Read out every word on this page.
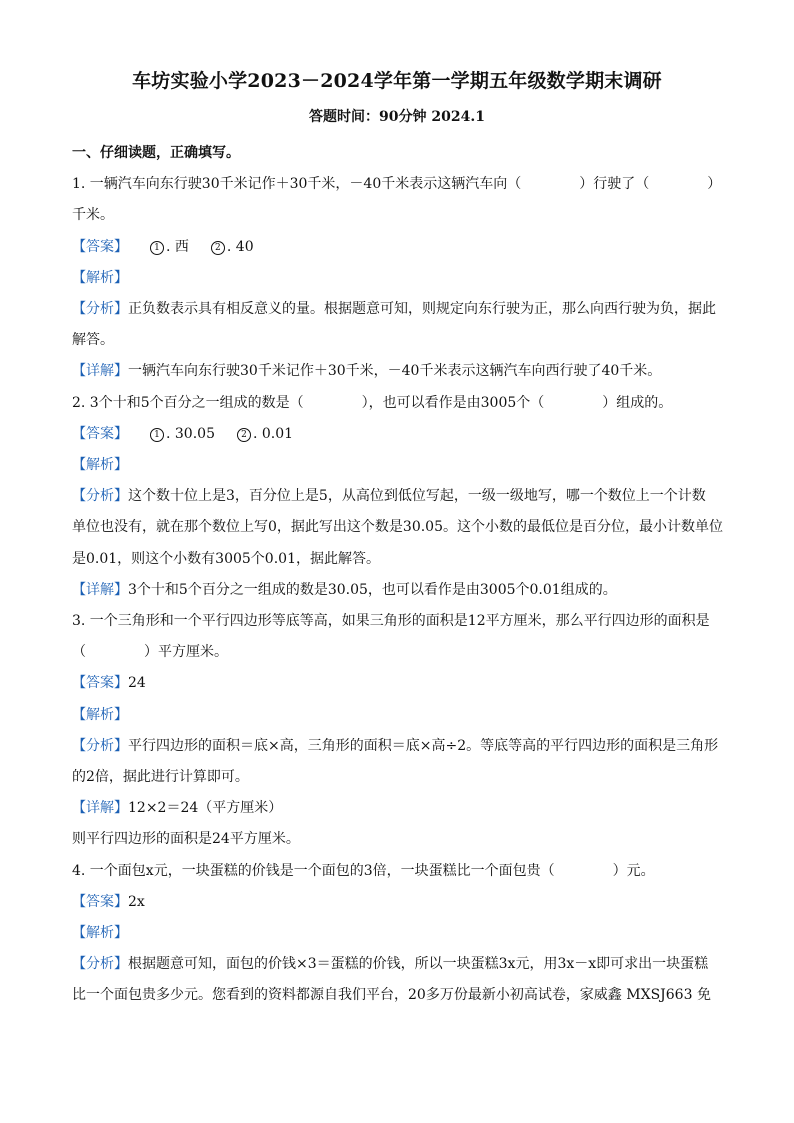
车坊实验小学2023－2024学年第一学期五年级数学期末调研
答题时间：90分钟 2024.1
一、仔细读题，正确填写。
1. 一辆汽车向东行驶30千米记作＋30千米，－40千米表示这辆汽车向（	）行驶了（	）
千米。
【答案】	1 . 西	2 . 40
【解析】
【分析】正负数表示具有相反意义的量。根据题意可知，则规定向东行驶为正，那么向西行驶为负，据此
解答。
【详解】一辆汽车向东行驶30千米记作＋30千米，－40千米表示这辆汽车向西行驶了40千米。
2. 3个十和5个百分之一组成的数是（	），也可以看作是由3005个（	）组成的。
【答案】	1 . 30.05	2 . 0.01
【解析】
【分析】这个数十位上是3，百分位上是5，从高位到低位写起，一级一级地写，哪一个数位上一个计数
单位也没有，就在那个数位上写0，据此写出这个数是30.05。这个小数的最低位是百分位，最小计数单位
是0.01，则这个小数有3005个0.01，据此解答。
【详解】3个十和5个百分之一组成的数是30.05，也可以看作是由3005个0.01组成的。
3. 一个三角形和一个平行四边形等底等高，如果三角形的面积是12平方厘米，那么平行四边形的面积是
（	）平方厘米。
【答案】24
【解析】
【分析】平行四边形的面积＝底×高，三角形的面积＝底×高÷2。等底等高的平行四边形的面积是三角形
的2倍，据此进行计算即可。
【详解】12×2＝24（平方厘米）
则平行四边形的面积是24平方厘米。
4. 一个面包x元，一块蛋糕的价钱是一个面包的3倍，一块蛋糕比一个面包贵（	）元。
【答案】2x
【解析】
【分析】根据题意可知，面包的价钱×3＝蛋糕的价钱，所以一块蛋糕3x元，用3x－x即可求出一块蛋糕
比一个面包贵多少元。您看到的资料都源自我们平台，20多万份最新小初高试卷，家威鑫 MXSJ663 免
